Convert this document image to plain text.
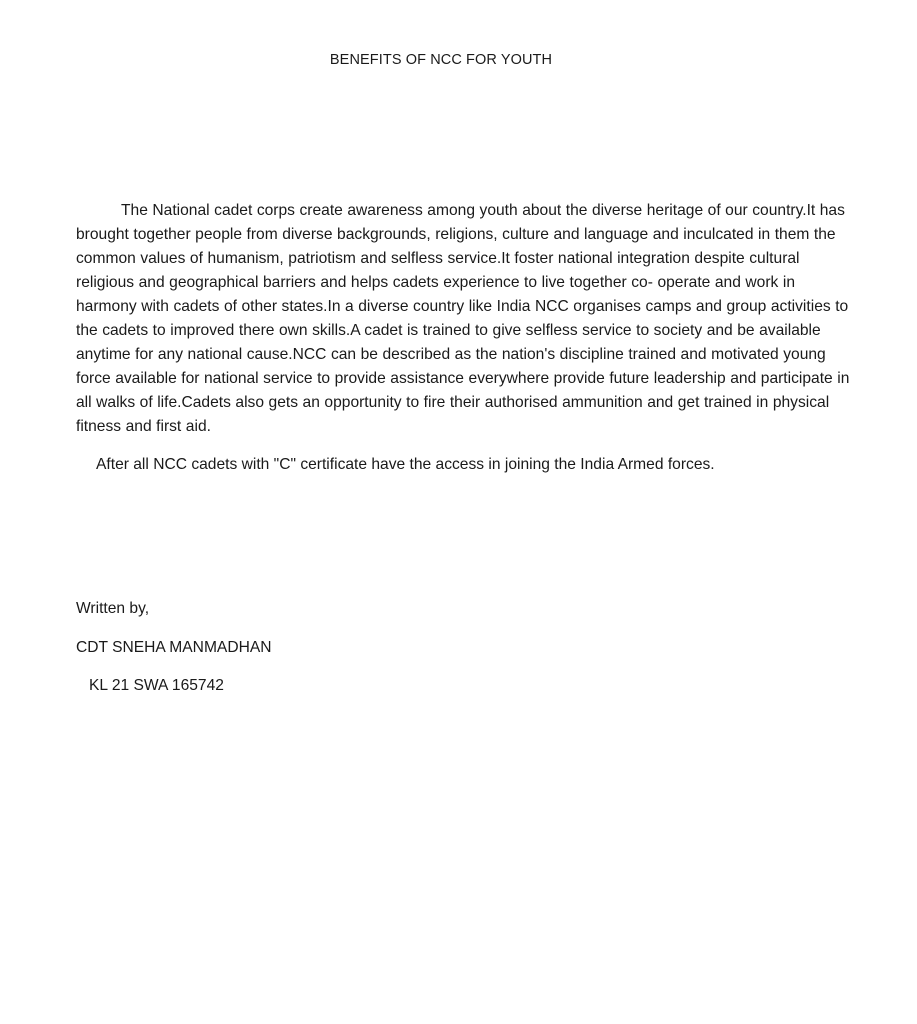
BENEFITS OF NCC FOR YOUTH

The National cadet corps create awareness among youth about the diverse heritage of our country.It has brought together people from diverse backgrounds, religions, culture and language and inculcated in them the common values of humanism, patriotism and selfless service.It foster national integration despite cultural religious and geographical barriers and helps cadets experience to live together co- operate and work in harmony with cadets of other states.In a diverse country like India NCC organises camps and group activities to the cadets to improved there own skills.A cadet is trained to give selfless service to society and be available anytime for any national cause.NCC can be described as the nation's discipline trained and motivated young force available for national service to provide assistance everywhere provide future leadership and participate in all walks of life.Cadets also gets an opportunity to fire their authorised ammunition and get trained in physical fitness and first aid.

After all NCC cadets with "C" certificate have the access in joining the India Armed forces.

Written by,

CDT SNEHA MANMADHAN

KL 21 SWA 165742
